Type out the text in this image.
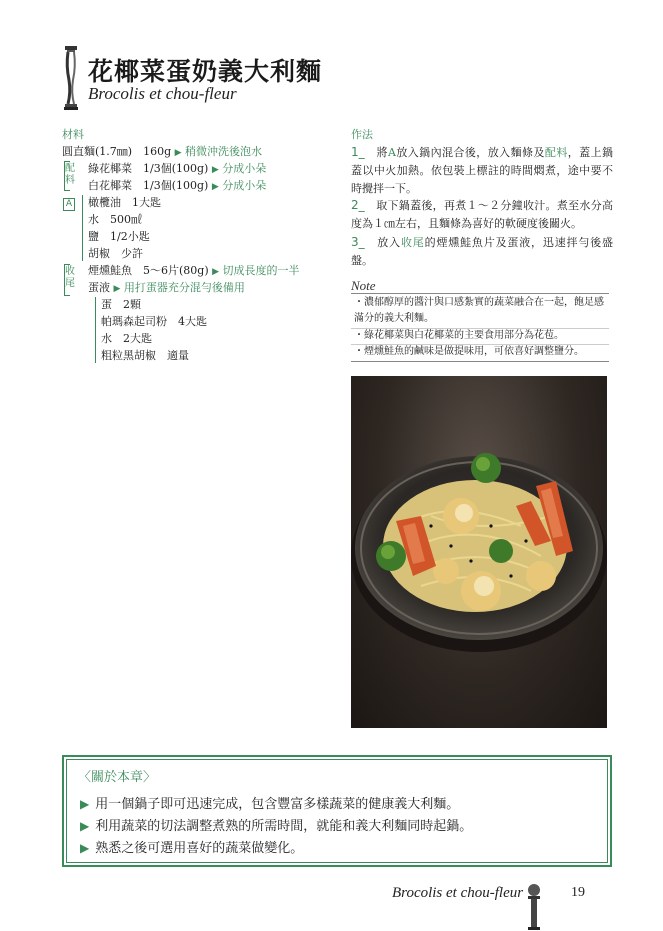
花椰菜蛋奶義大利麵
Brocolis et chou-fleur
材料
配料
A
收尾
圓直麵(1.7㎜)　160g ▶ 稍微沖洗後泡水
綠花椰菜　1/3個(100g) ▶ 分成小朵
白花椰菜　1/3個(100g) ▶ 分成小朵
橄欖油　1大匙
水　500㎖
鹽　1/2小匙
胡椒　少許
煙燻鮭魚　5〜6片(80g) ▶ 切成長度的一半
蛋液 ▶ 用打蛋器充分混勻後備用
蛋　2顆
帕瑪森起司粉　4大匙
水　2大匙
粗粒黑胡椒　適量
作法
1_　 將A放入鍋內混合後，放入麵條及配料，蓋上鍋蓋以中火加熱。依包裝上標註的時間燜煮，途中要不時攪拌一下。
2_　 取下鍋蓋後，再煮１〜２分鐘收汁。煮至水分高度為１㎝左右，且麵條為喜好的軟硬度後關火。
3_　 放入收尾的煙燻鮭魚片及蛋液，迅速拌勻後盛盤。
Note
・濃郁醇厚的醬汁與口感紮實的蔬菜融合在一起，飽足感滿分的義大利麵。
・綠花椰菜與白花椰菜的主要食用部分為花苞。
・煙燻鮭魚的鹹味是做提味用，可依喜好調整鹽分。
〈關於本章〉
▶ 用一個鍋子即可迅速完成，包含豐富多樣蔬菜的健康義大利麵。
▶ 利用蔬菜的切法調整煮熟的所需時間，就能和義大利麵同時起鍋。
▶ 熟悉之後可選用喜好的蔬菜做變化。
Brocolis et chou-fleur	19
